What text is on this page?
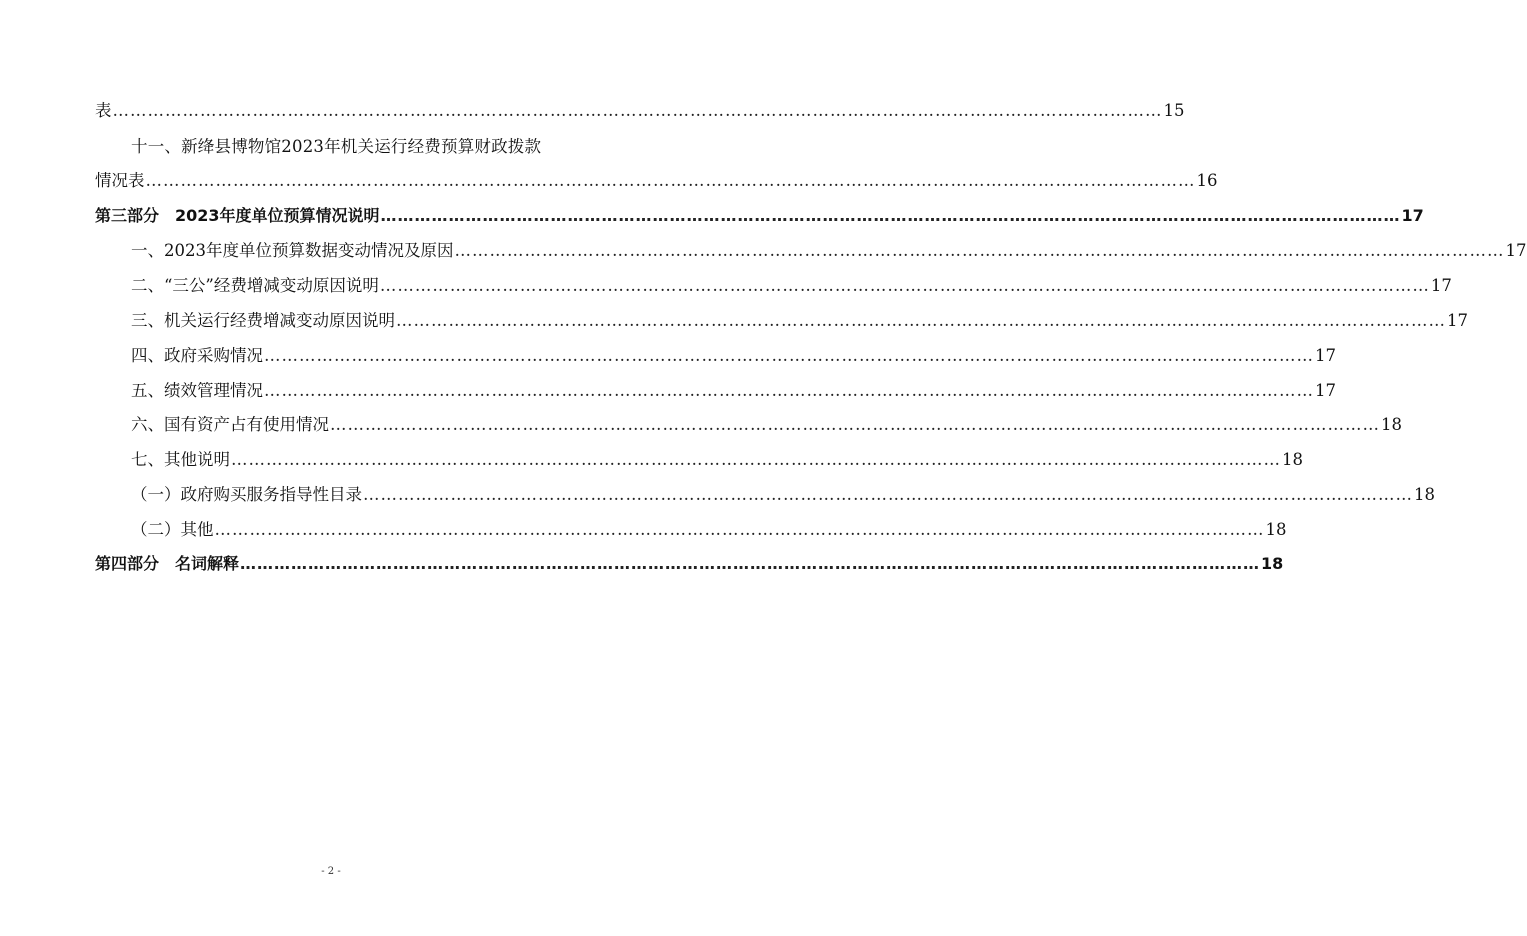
表 ……………………………………………………………………………………………………………………………………………………………… 15
十一、新绛县博物馆2023年机关运行经费预算财政拨款
情况表 ……………………………………………………………………………………………………………………………………………………………… 16
第三部分　2023年度单位预算情况说明 ……………………………………………………………………………………………………………………………………………………………… 17
一、2023年度单位预算数据变动情况及原因 ……………………………………………………………………………………………………………………………………………………………… 17
二、“三公”经费增减变动原因说明 ……………………………………………………………………………………………………………………………………………………………… 17
三、机关运行经费增减变动原因说明 ……………………………………………………………………………………………………………………………………………………………… 17
四、政府采购情况 ……………………………………………………………………………………………………………………………………………………………… 17
五、绩效管理情况 ……………………………………………………………………………………………………………………………………………………………… 17
六、国有资产占有使用情况 ……………………………………………………………………………………………………………………………………………………………… 18
七、其他说明 ……………………………………………………………………………………………………………………………………………………………… 18
（一）政府购买服务指导性目录 ……………………………………………………………………………………………………………………………………………………………… 18
（二）其他 ……………………………………………………………………………………………………………………………………………………………… 18
第四部分　名词解释 ……………………………………………………………………………………………………………………………………………………………… 18
- 2 -
